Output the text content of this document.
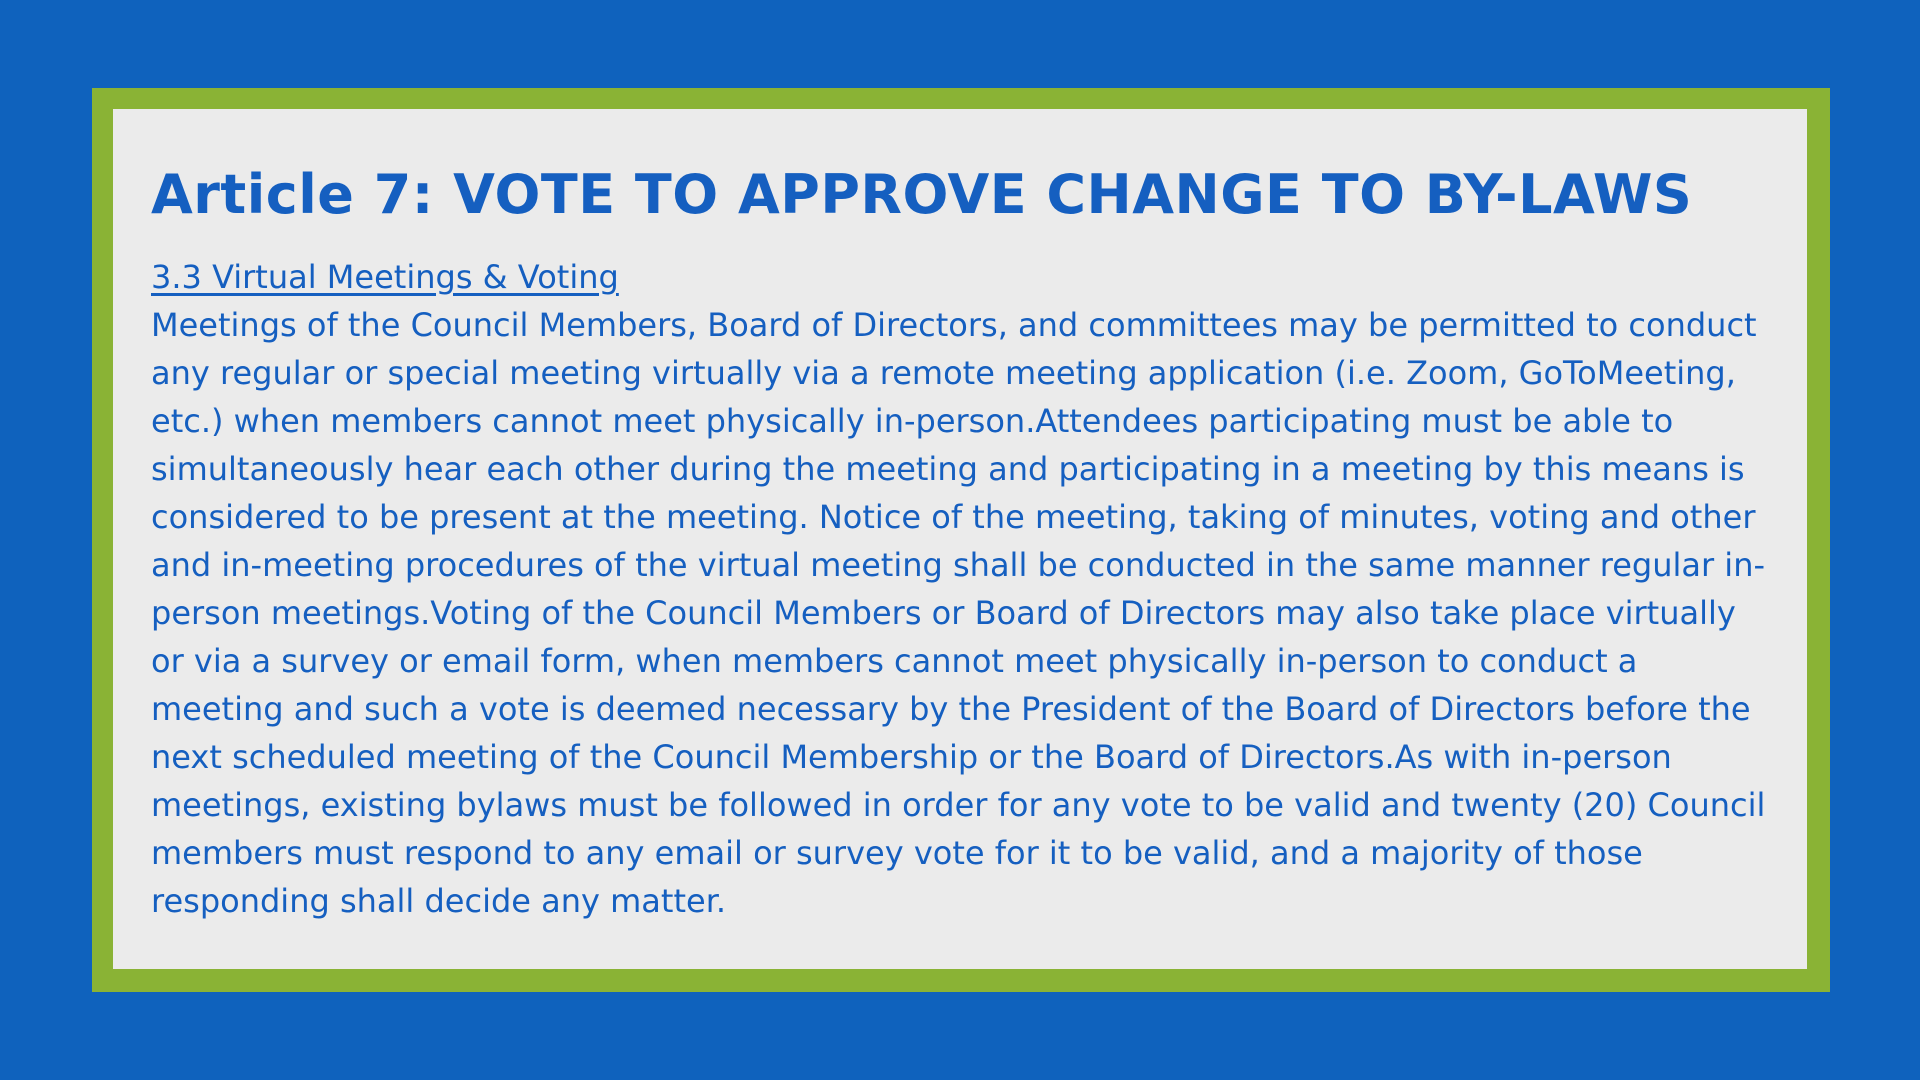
Article 7: VOTE TO APPROVE CHANGE TO BY-LAWS
3.3 Virtual Meetings & Voting

Meetings of the Council Members, Board of Directors, and committees may be permitted to conduct any regular or special meeting virtually via a remote meeting application (i.e. Zoom, GoToMeeting, etc.) when members cannot meet physically in-person.Attendees participating must be able to simultaneously hear each other during the meeting and participating in a meeting by this means is considered to be present at the meeting. Notice of the meeting, taking of minutes, voting and other and in-meeting procedures of the virtual meeting shall be conducted in the same manner regular in-person meetings.Voting of the Council Members or Board of Directors may also take place virtually or via a survey or email form, when members cannot meet physically in-person to conduct a meeting and such a vote is deemed necessary by the President of the Board of Directors before the next scheduled meeting of the Council Membership or the Board of Directors.As with in-person meetings, existing bylaws must be followed in order for any vote to be valid and twenty (20) Council members must respond to any email or survey vote for it to be valid, and a majority of those responding shall decide any matter.
